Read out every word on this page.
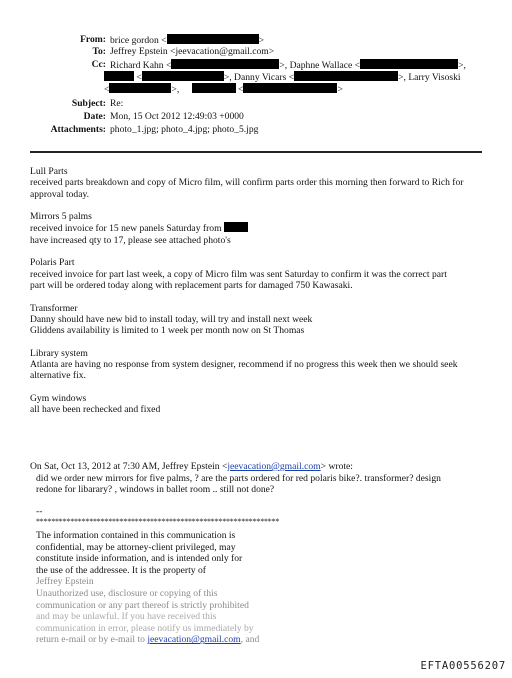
From: brice gordon <	>
To: Jeffrey Epstein <jeevacation@gmail.com>
Cc: Richard Kahn <	>, Daphne Wallace <	>,
<	>, Danny Vicars <	>, Larry Visoski
<	>,	<	>
Subject: Re:
Date: Mon, 15 Oct 2012 12:49:03 +0000
Attachments: photo_1.jpg; photo_4.jpg; photo_5.jpg
Lull Parts
received parts breakdown and copy of Micro film, will confirm parts order this morning then forward to Rich for
approval today.
Mirrors 5 palms
received invoice for 15 new panels Saturday from
have increased qty to 17, please see attached photo's
Polaris Part
received invoice for part last week, a copy of Micro film was sent Saturday to confirm it was the correct part
part will be ordered today along with replacement parts for damaged 750 Kawasaki.
Transformer
Danny should have new bid to install today, will try and install next week
Gliddens availability is limited to 1 week per month now on St Thomas
Library system
Atlanta are having no response from system designer, recommend if no progress this week then we should seek
alternative fix.
Gym windows
all have been rechecked and fixed
On Sat, Oct 13, 2012 at 7:30 AM, Jeffrey Epstein <jeevacation@gmail.com> wrote:
did we order new mirrors for five palms, ? are the parts ordered for red polaris bike?. transformer? design
redone for libarary? , windows in ballet room .. still not done?
--
****************************************************************
The information contained in this communication is
confidential, may be attorney-client privileged, may
constitute inside information, and is intended only for
the use of the addressee. It is the property of
Jeffrey Epstein
Unauthorized use, disclosure or copying of this
communication or any part thereof is strictly prohibited
and may be unlawful. If you have received this
communication in error, please notify us immediately by
return e-mail or by e-mail to jeevacation@gmail.com, and
EFTA00556207
